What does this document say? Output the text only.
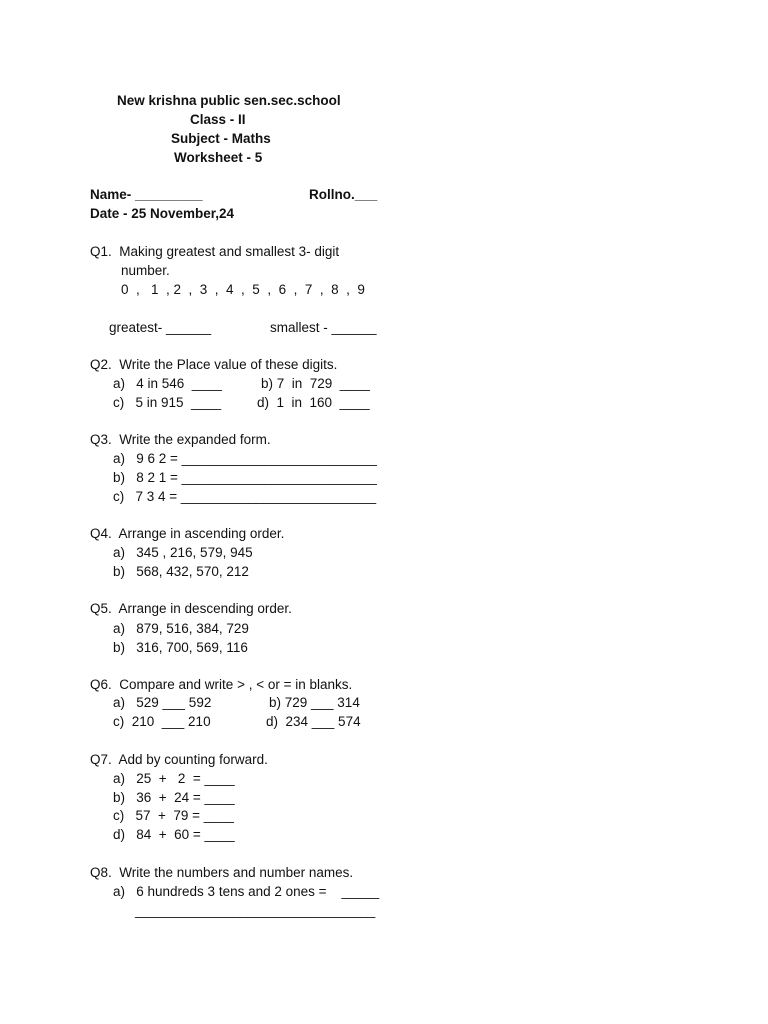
New krishna public sen.sec.school
Class - II
Subject - Maths
Worksheet - 5
Name- _________	Rollno.___
Date - 25 November,24
Q1.  Making greatest and smallest 3- digit
number.
0  ,   1  , 2  ,  3  ,  4  ,  5  ,  6  ,  7  ,  8  ,  9
greatest- ______	smallest - ______
Q2.  Write the Place value of these digits.
a)   4 in 546  ____	b) 7  in  729  ____
c)   5 in 915  ____	d)  1  in  160  ____
Q3.  Write the expanded form.
a)   9 6 2 = __________________________
b)   8 2 1 = __________________________
c)   7 3 4 = __________________________
Q4.  Arrange in ascending order.
a)   345 , 216, 579, 945
b)   568, 432, 570, 212
Q5.  Arrange in descending order.
a)   879, 516, 384, 729
b)   316, 700, 569, 116
Q6.  Compare and write > , < or = in blanks.
a)   529 ___ 592	b) 729 ___ 314
c)  210  ___ 210	d)  234 ___ 574
Q7.  Add by counting forward.
a)   25  +   2  = ____
b)   36  +  24 = ____
c)   57  +  79 = ____
d)   84  +  60 = ____
Q8.  Write the numbers and number names.
a)   6 hundreds 3 tens and 2 ones =    _____
________________________________
